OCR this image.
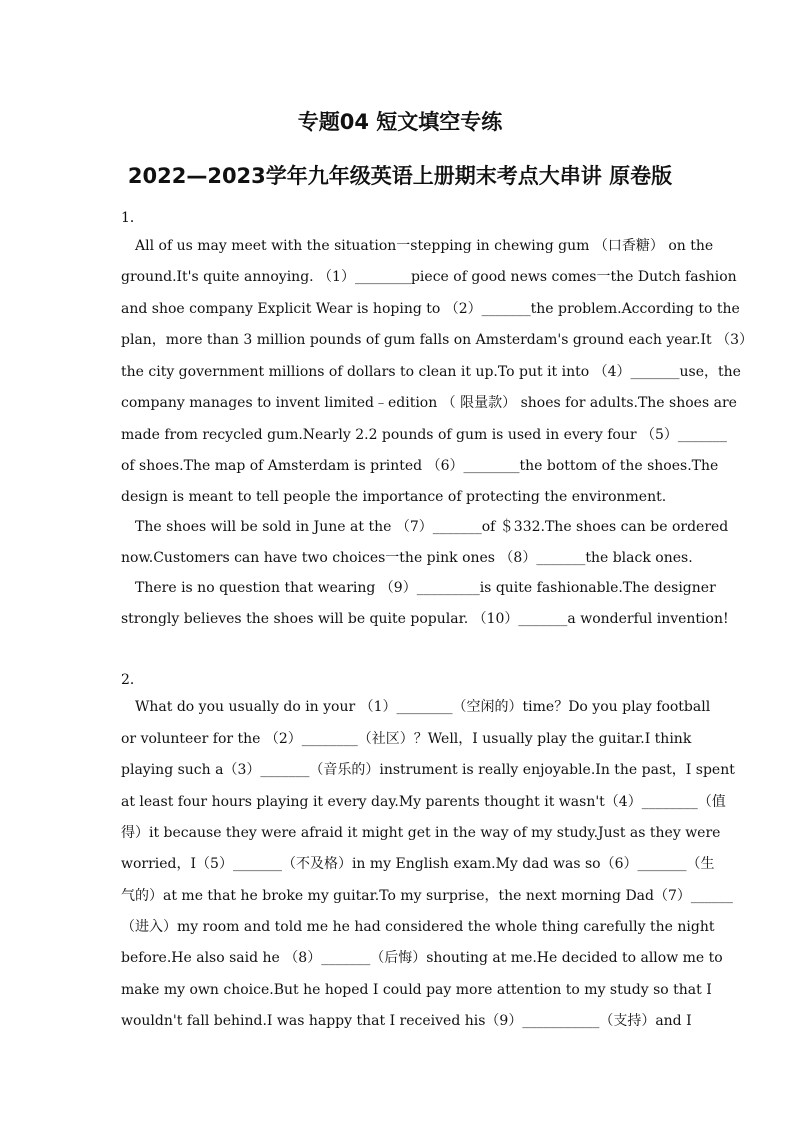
专题04 短文填空专练
2022—2023学年九年级英语上册期末考点大串讲 原卷版
1．
All of us may meet with the situation一stepping in chewing gum （口香糖） on the
ground.It's quite annoying. （1）________piece of good news comes一the Dutch fashion
and shoe company Explicit Wear is hoping to （2）_______the problem.According to the
plan，more than 3 million pounds of gum falls on Amsterdam's ground each year.It （3）
the city government millions of dollars to clean it up.To put it into （4）_______use，the
company manages to invent limited﹣edition （ 限量款） shoes for adults.The shoes are
made from recycled gum.Nearly 2.2 pounds of gum is used in every four （5）_______
of shoes.The map of Amsterdam is printed （6）________the bottom of the shoes.The
design is meant to tell people the importance of protecting the environment.
The shoes will be sold in June at the （7）_______of ＄332.The shoes can be ordered
now.Customers can have two choices一the pink ones （8）_______the black ones.
There is no question that wearing （9）_________is quite fashionable.The designer
strongly believes the shoes will be quite popular. （10）_______a wonderful invention!
2．
What do you usually do in your （1）________（空闲的）time？Do you play football
or volunteer for the （2）________（社区）？Well，I usually play the guitar.I think
playing such a（3）_______（音乐的）instrument is really enjoyable.In the past，I spent
at least four hours playing it every day.My parents thought it wasn't（4）________（值
得）it because they were afraid it might get in the way of my study.Just as they were
worried，I（5）_______（不及格）in my English exam.My dad was so（6）_______（生
气的）at me that he broke my guitar.To my surprise，the next morning Dad（7）______
（进入）my room and told me he had considered the whole thing carefully the night
before.He also said he （8）_______（后悔）shouting at me.He decided to allow me to
make my own choice.But he hoped I could pay more attention to my study so that I
wouldn't fall behind.I was happy that I received his（9）___________（支持）and I
